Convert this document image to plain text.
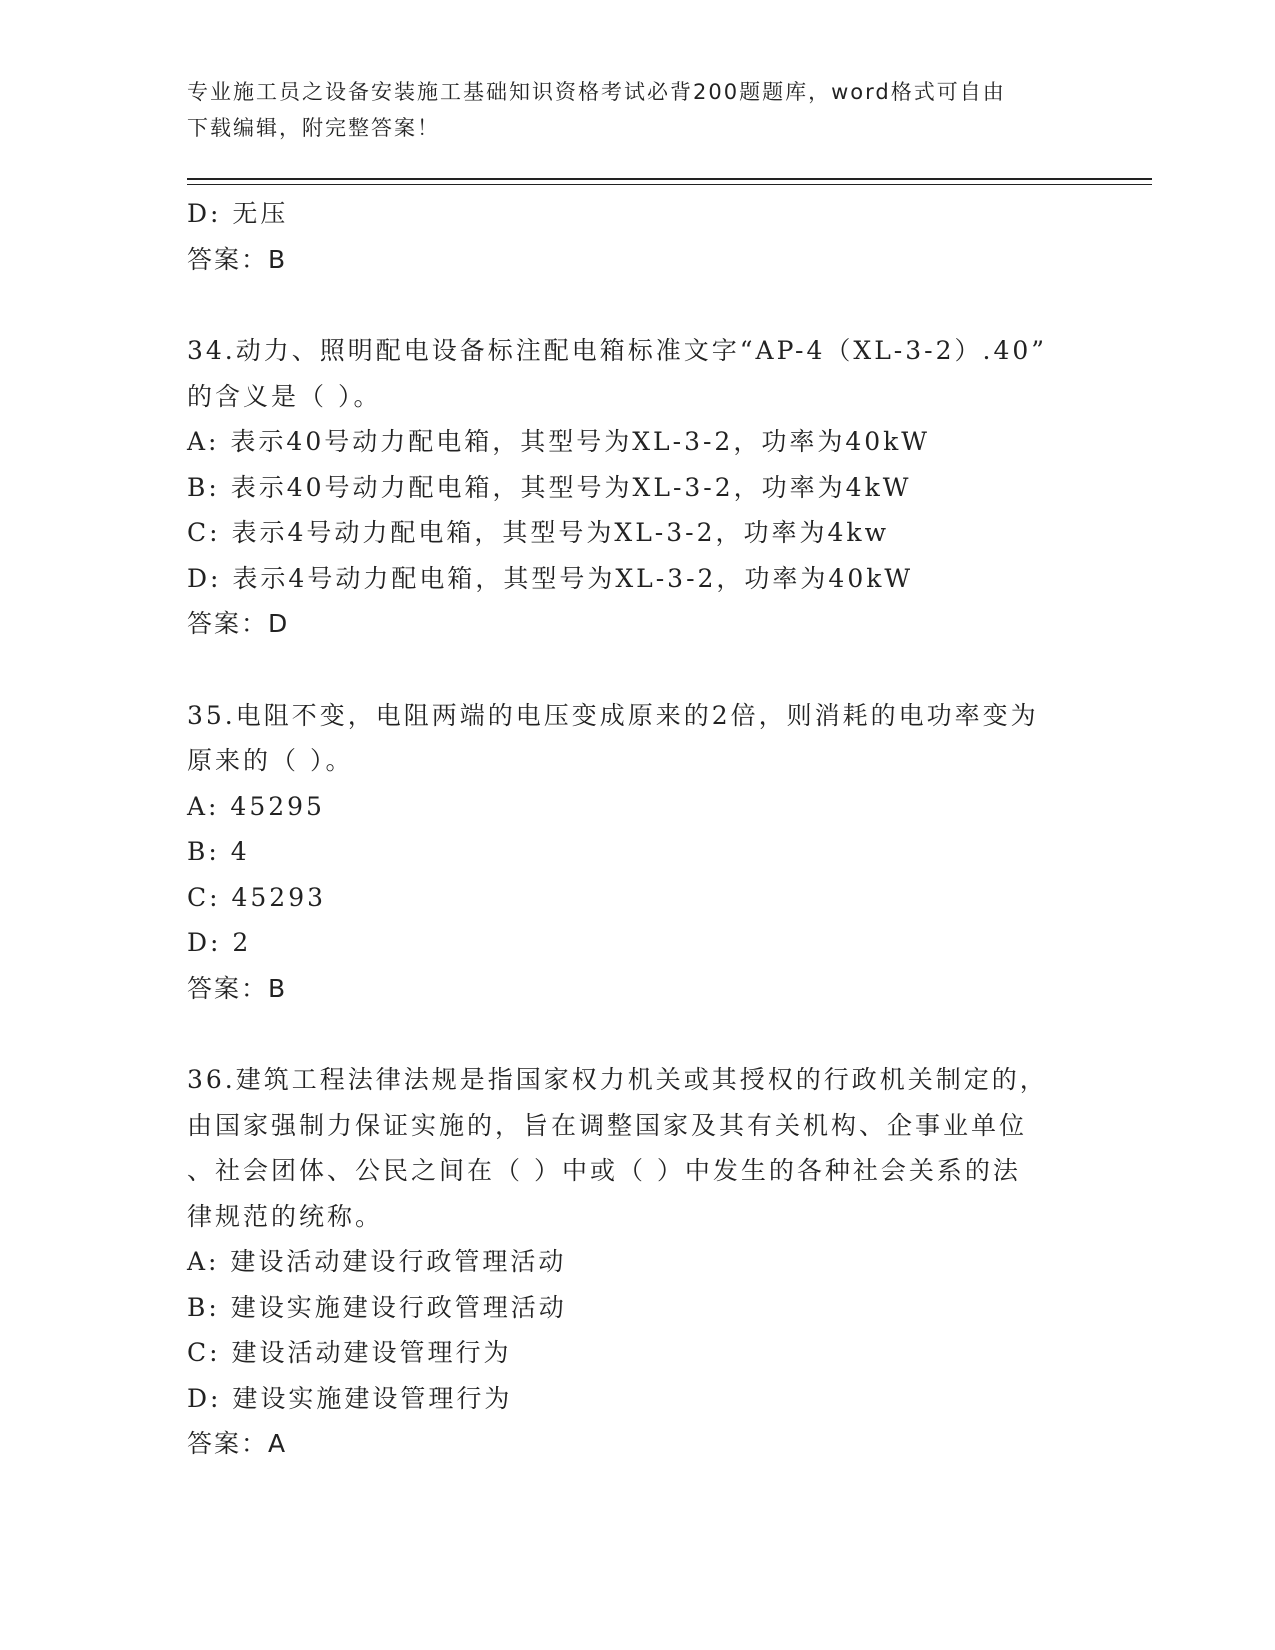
专业施工员之设备安装施工基础知识资格考试必背200题题库，word格式可自由
下载编辑，附完整答案！
D: 无压
答案：B
34.动力、照明配电设备标注配电箱标准文字“AP-4（XL-3-2）.40”
的含义是（ ）。
A: 表示40号动力配电箱，其型号为XL-3-2，功率为40kW
B: 表示40号动力配电箱，其型号为XL-3-2，功率为4kW
C: 表示4号动力配电箱，其型号为XL-3-2，功率为4kw
D: 表示4号动力配电箱，其型号为XL-3-2，功率为40kW
答案：D
35.电阻不变，电阻两端的电压变成原来的2倍，则消耗的电功率变为
原来的（ ）。
A: 45295
B: 4
C: 45293
D: 2
答案：B
36.建筑工程法律法规是指国家权力机关或其授权的行政机关制定的，
由国家强制力保证实施的，旨在调整国家及其有关机构、企事业单位
、社会团体、公民之间在（ ）中或（ ）中发生的各种社会关系的法
律规范的统称。
A: 建设活动建设行政管理活动
B: 建设实施建设行政管理活动
C: 建设活动建设管理行为
D: 建设实施建设管理行为
答案：A
